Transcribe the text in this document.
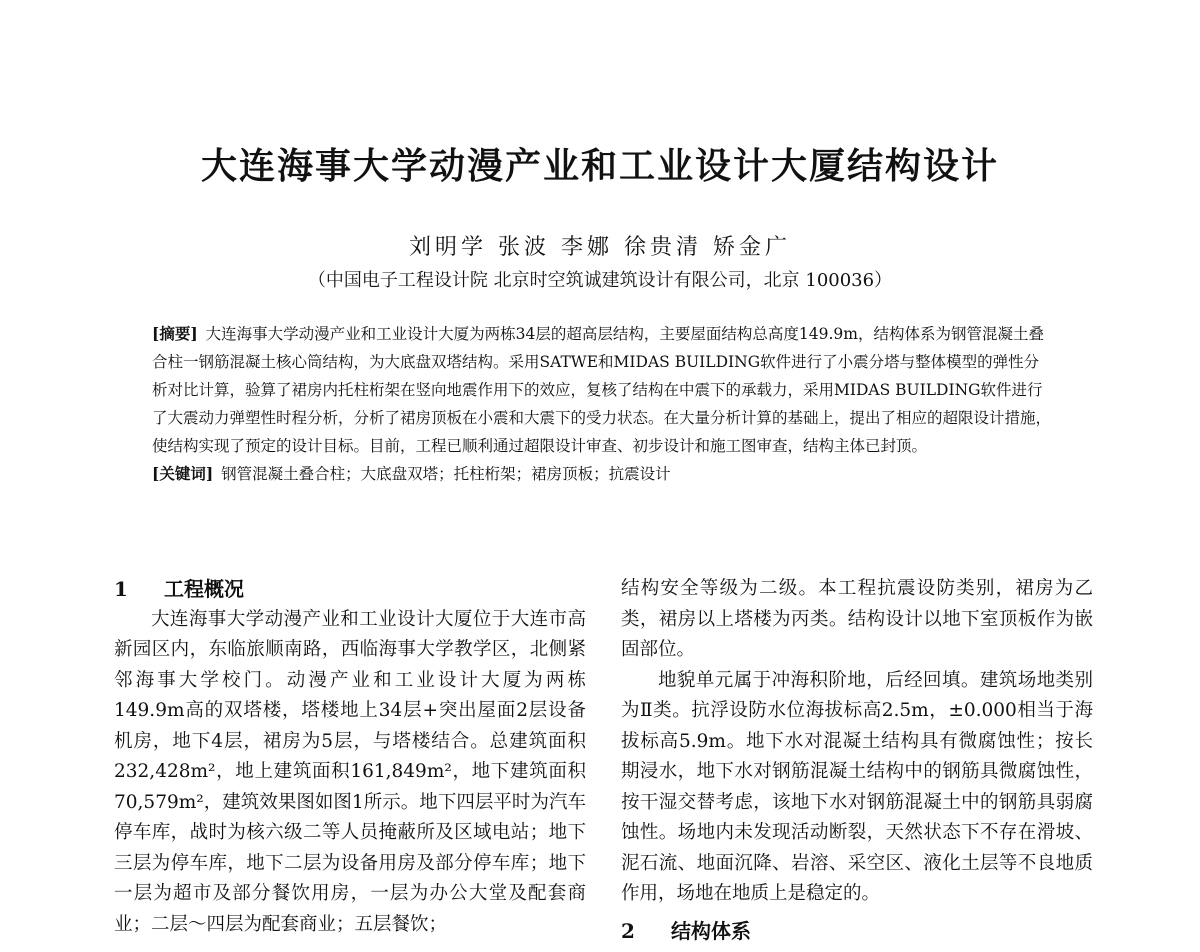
大连海事大学动漫产业和工业设计大厦结构设计
刘明学 张波 李娜 徐贵清 矫金广
（中国电子工程设计院 北京时空筑诚建筑设计有限公司，北京 100036）

[摘要] 大连海事大学动漫产业和工业设计大厦为两栋34层的超高层结构，主要屋面结构总高度149.9m，结构体系为钢管混凝土叠合柱一钢筋混凝土核心筒结构，为大底盘双塔结构。采用SATWE和MIDAS BUILDING软件进行了小震分塔与整体模型的弹性分析对比计算，验算了裙房内托柱桁架在竖向地震作用下的效应，复核了结构在中震下的承载力，采用MIDAS BUILDING软件进行了大震动力弹塑性时程分析，分析了裙房顶板在小震和大震下的受力状态。在大量分析计算的基础上，提出了相应的超限设计措施，使结构实现了预定的设计目标。目前，工程已顺利通过超限设计审查、初步设计和施工图审查，结构主体已封顶。

[关键词] 钢管混凝土叠合柱；大底盘双塔；托柱桁架；裙房顶板；抗震设计

1 工程概况

大连海事大学动漫产业和工业设计大厦位于大连市高新园区内，东临旅顺南路，西临海事大学教学区，北侧紧邻海事大学校门。动漫产业和工业设计大厦为两栋149.9m高的双塔楼，塔楼地上34层+突出屋面2层设备机房，地下4层，裙房为5层，与塔楼结合。总建筑面积232,428m²，地上建筑面积161,849m²，地下建筑面积70,579m²，建筑效果图如图1所示。地下四层平时为汽车停车库，战时为核六级二等人员掩蔽所及区域电站；地下三层为停车库，地下二层为设备用房及部分停车库；地下一层为超市及部分餐饮用房，一层为办公大堂及配套商业；二层～四层为配套商业；五层餐饮；

结构安全等级为二级。本工程抗震设防类别，裙房为乙类，裙房以上塔楼为丙类。结构设计以地下室顶板作为嵌固部位。

地貌单元属于冲海积阶地，后经回填。建筑场地类别为Ⅱ类。抗浮设防水位海拔标高2.5m，±0.000相当于海拔标高5.9m。地下水对混凝土结构具有微腐蚀性；按长期浸水，地下水对钢筋混凝土结构中的钢筋具微腐蚀性，按干湿交替考虑，该地下水对钢筋混凝土中的钢筋具弱腐蚀性。场地内未发现活动断裂，天然状态下不存在滑坡、泥石流、地面沉降、岩溶、采空区、液化土层等不良地质作用，场地在地质上是稳定的。

2 结构体系
